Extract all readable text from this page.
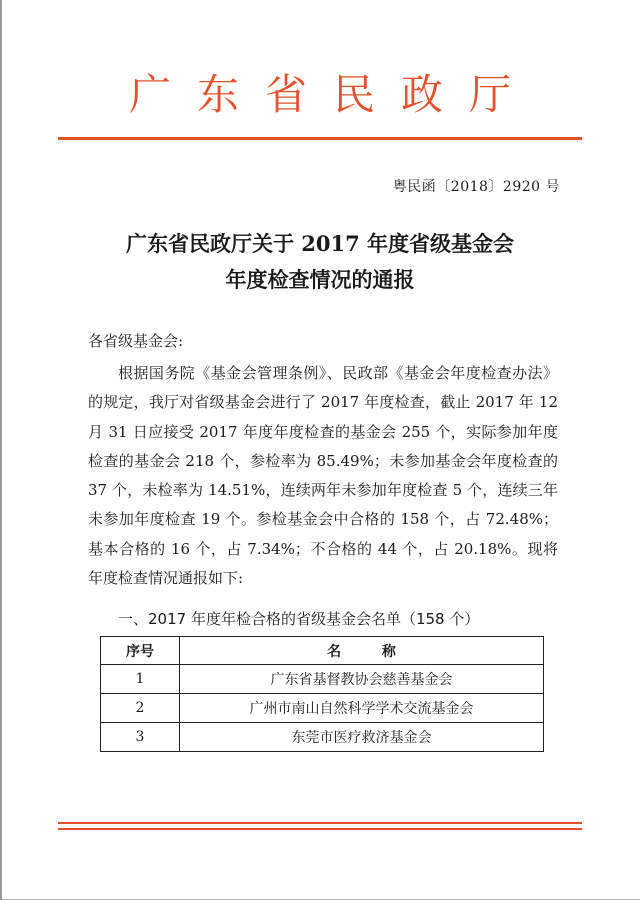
广东省民政厅
粤民函〔2018〕2920 号
广东省民政厅关于 2017 年度省级基金会
年度检查情况的通报
各省级基金会:
根据国务院《基金会管理条例》、民政部《基金会年度检查办法》的规定，我厅对省级基金会进行了 2017 年度检查，截止 2017 年 12 月 31 日应接受 2017 年度年度检查的基金会 255 个，实际参加年度检查的基金会 218 个，参检率为 85.49%；未参加基金会年度检查的 37 个，未检率为 14.51%，连续两年未参加年度检查 5 个，连续三年未参加年度检查 19 个。参检基金会中合格的 158 个，占 72.48%；基本合格的 16 个，占 7.34%；不合格的 44 个，占 20.18%。现将年度检查情况通报如下:
一、2017 年度年检合格的省级基金会名单（158 个）
序号	名 称
1	广东省基督教协会慈善基金会
2	广州市南山自然科学学术交流基金会
3	东莞市医疗救济基金会
